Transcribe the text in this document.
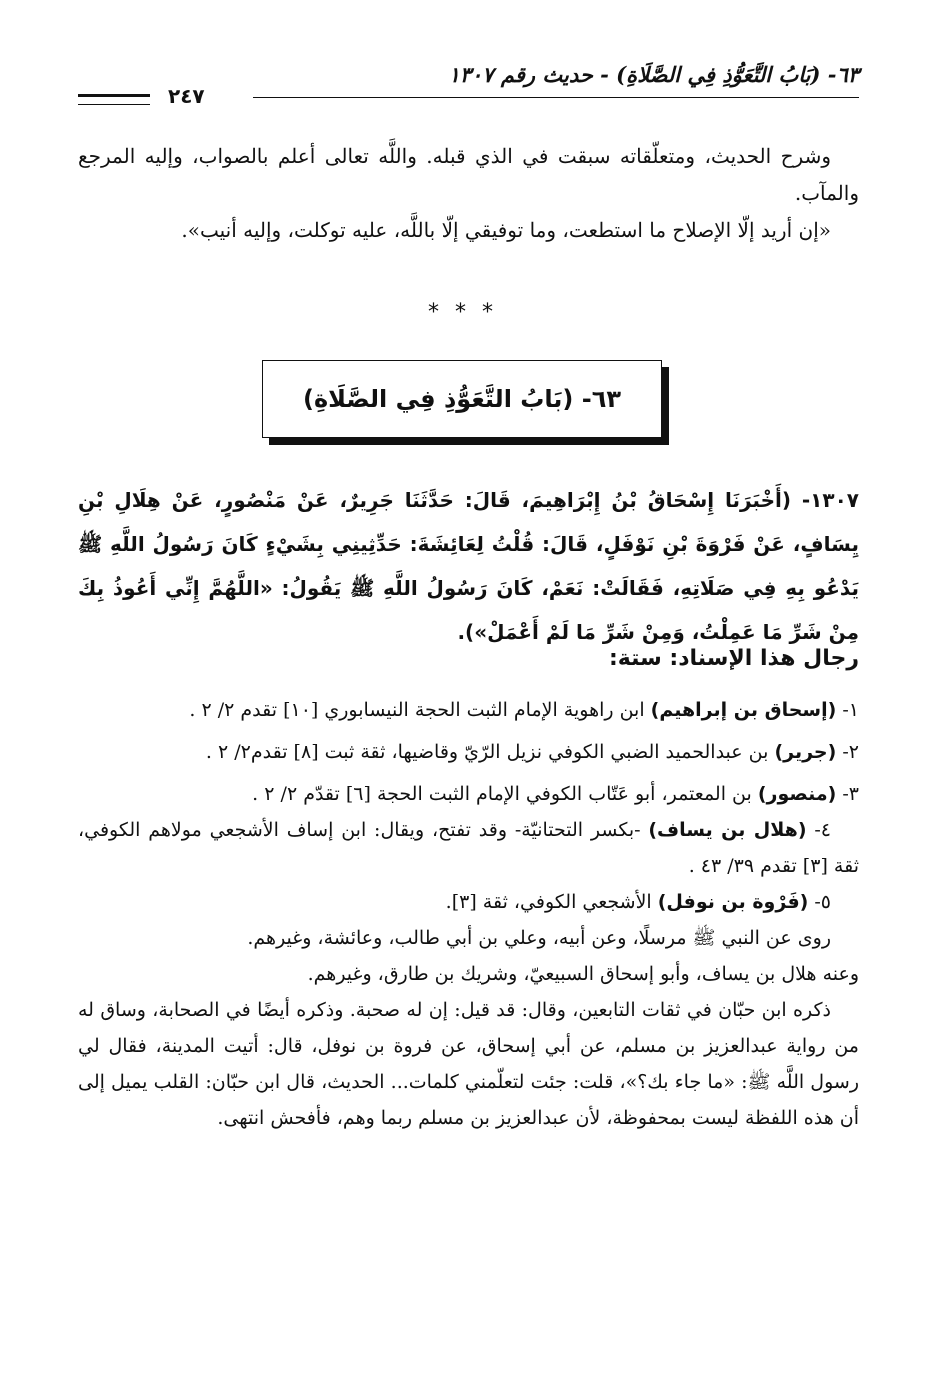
٦٣- (بَابُ التَّعَوُّذِ فِي الصَّلَاةِ) - حديث رقم ١٣٠٧
٢٤٧

وشرح الحديث، ومتعلّقاته سبقت في الذي قبله. واللَّه تعالى أعلم بالصواب، وإليه المرجع والمآب.

«إن أريد إلّا الإصلاح ما استطعت، وما توفيقي إلّا باللَّه، عليه توكلت، وإليه أنيب».

***
٦٣- (بَابُ التَّعَوُّذِ فِي الصَّلَاةِ)
١٣٠٧- (أَخْبَرَنَا إِسْحَاقُ بْنُ إِبْرَاهِيمَ، قَالَ: حَدَّثَنَا جَرِيرٌ، عَنْ مَنْصُورٍ، عَنْ هِلَالِ بْنِ يِسَافٍ، عَنْ فَرْوَةَ بْنِ نَوْفَلٍ، قَالَ: قُلْتُ لِعَائِشَةَ: حَدِّثِينِي بِشَيْءٍ كَانَ رَسُولُ اللَّهِ ﷺ يَدْعُو بِهِ فِي صَلَاتِهِ، فَقَالَتْ: نَعَمْ، كَانَ رَسُولُ اللَّهِ ﷺ يَقُولُ: «اللَّهُمَّ إِنِّي أَعُوذُ بِكَ مِنْ شَرِّ مَا عَمِلْتُ، وَمِنْ شَرِّ مَا لَمْ أَعْمَلْ»).
رجال هذا الإسناد: ستة:

١- (إسحاق بن إبراهيم) ابن راهوية الإمام الثبت الحجة النيسابوري [١٠] تقدم ٢/ ٢ .

٢- (جرير) بن عبدالحميد الضبي الكوفي نزيل الرّيّ وقاضيها، ثقة ثبت [٨] تقدم٢/ ٢ .

٣- (منصور) بن المعتمر، أبو عَتّاب الكوفي الإمام الثبت الحجة [٦] تقدّم ٢/ ٢ .

٤- (هلال بن يساف) -بكسر التحتانيّة- وقد تفتح، ويقال: ابن إساف الأشجعي مولاهم الكوفي، ثقة [٣] تقدم ٣٩/ ٤٣ .

٥- (فَرْوة بن نوفل) الأشجعي الكوفي، ثقة [٣].

روى عن النبي ﷺ مرسلًا، وعن أبيه، وعلي بن أبي طالب، وعائشة، وغيرهم.

وعنه هلال بن يساف، وأبو إسحاق السبيعيّ، وشريك بن طارق، وغيرهم.

ذكره ابن حبّان في ثقات التابعين، وقال: قد قيل: إن له صحبة. وذكره أيضًا في الصحابة، وساق له من رواية عبدالعزيز بن مسلم، عن أبي إسحاق، عن فروة بن نوفل، قال: أتيت المدينة، فقال لي رسول اللَّه ﷺ: «ما جاء بك؟»، قلت: جئت لتعلّمني كلمات... الحديث، قال ابن حبّان: القلب يميل إلى أن هذه اللفظة ليست بمحفوظة، لأن عبدالعزيز بن مسلم ربما وهم، فأفحش انتهى.
